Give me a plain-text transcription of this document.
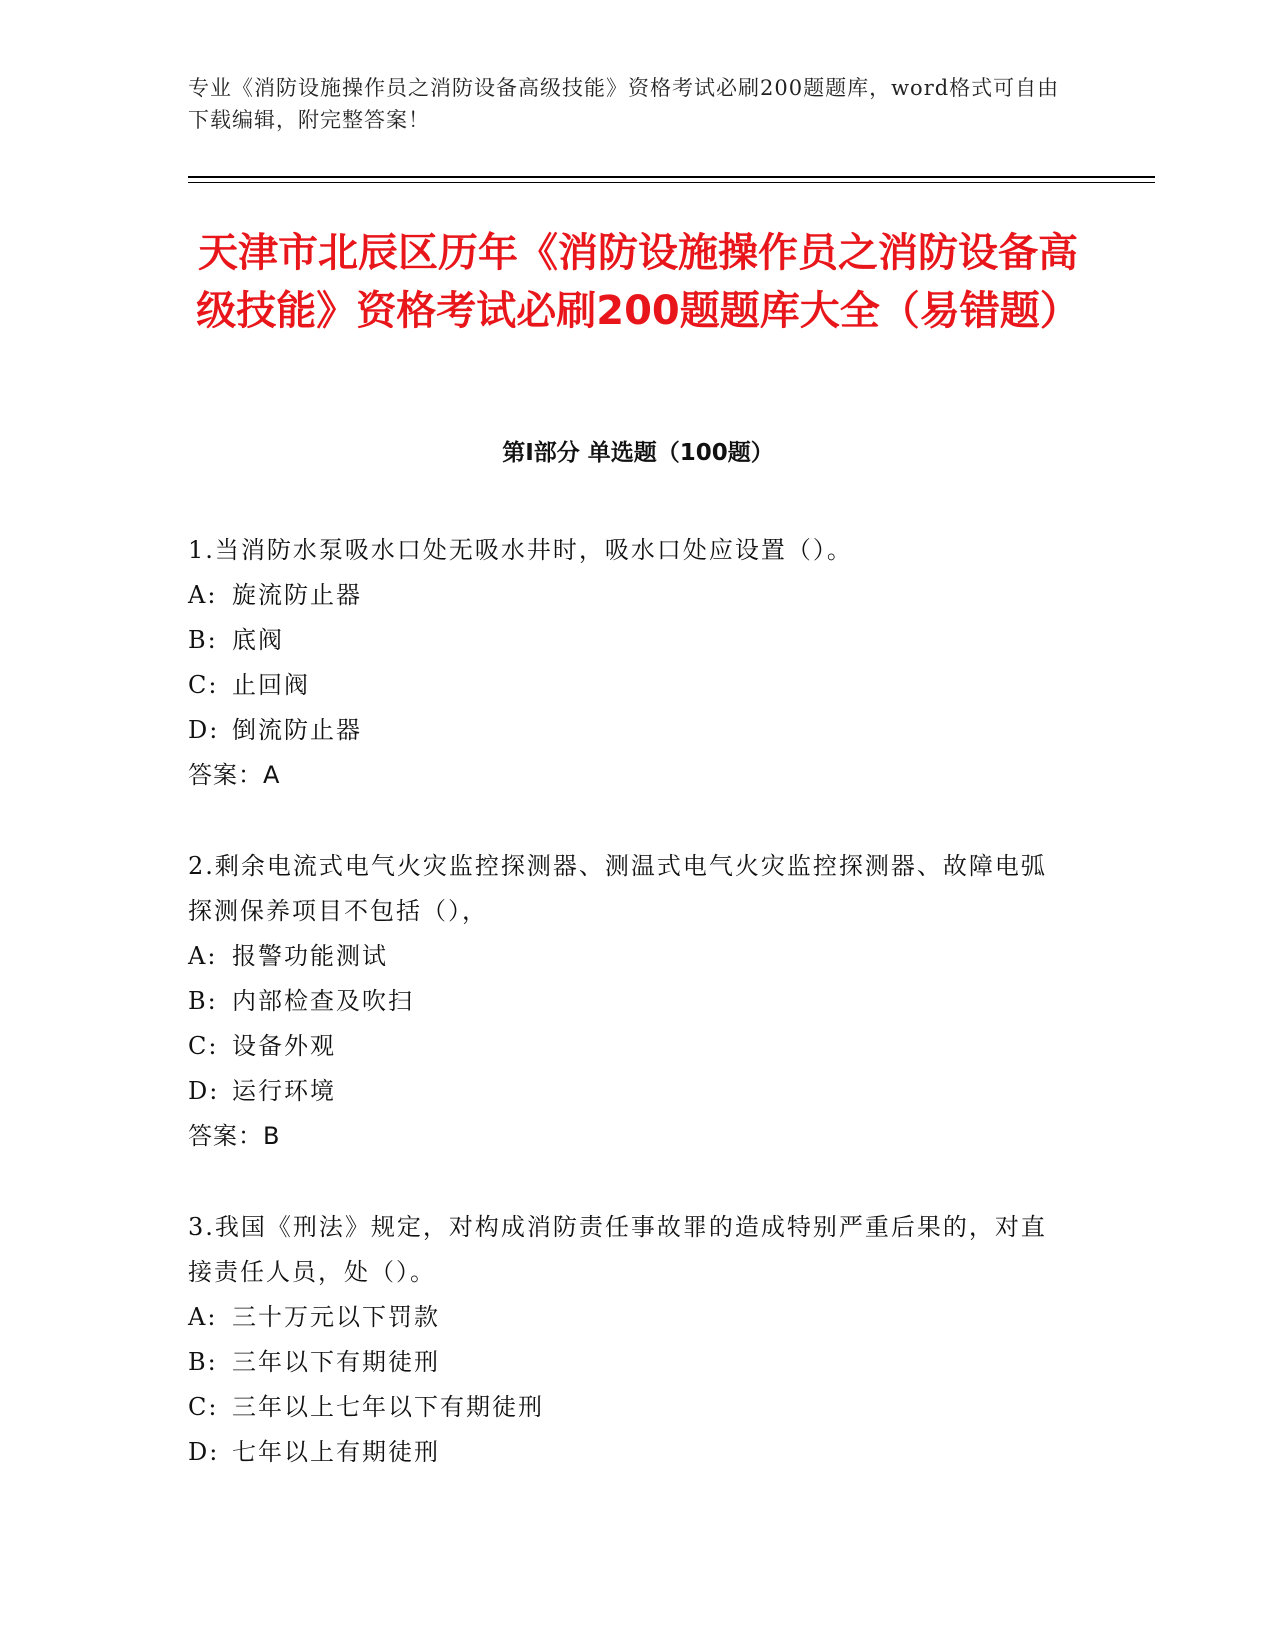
专业《消防设施操作员之消防设备高级技能》资格考试必刷200题题库，word格式可自由下载编辑，附完整答案！
天津市北辰区历年《消防设施操作员之消防设备高级技能》资格考试必刷200题题库大全（易错题）
第Ⅰ部分 单选题（100题）

1.当消防水泵吸水口处无吸水井时，吸水口处应设置（）。

A: 旋流防止器

B: 底阀

C: 止回阀

D: 倒流防止器

答案：A

2.剩余电流式电气火灾监控探测器、测温式电气火灾监控探测器、故障电弧探测保养项目不包括（），

A: 报警功能测试

B: 内部检查及吹扫

C: 设备外观

D: 运行环境

答案：B

3.我国《刑法》规定，对构成消防责任事故罪的造成特别严重后果的，对直接责任人员，处（）。

A: 三十万元以下罚款

B: 三年以下有期徒刑

C: 三年以上七年以下有期徒刑

D: 七年以上有期徒刑
